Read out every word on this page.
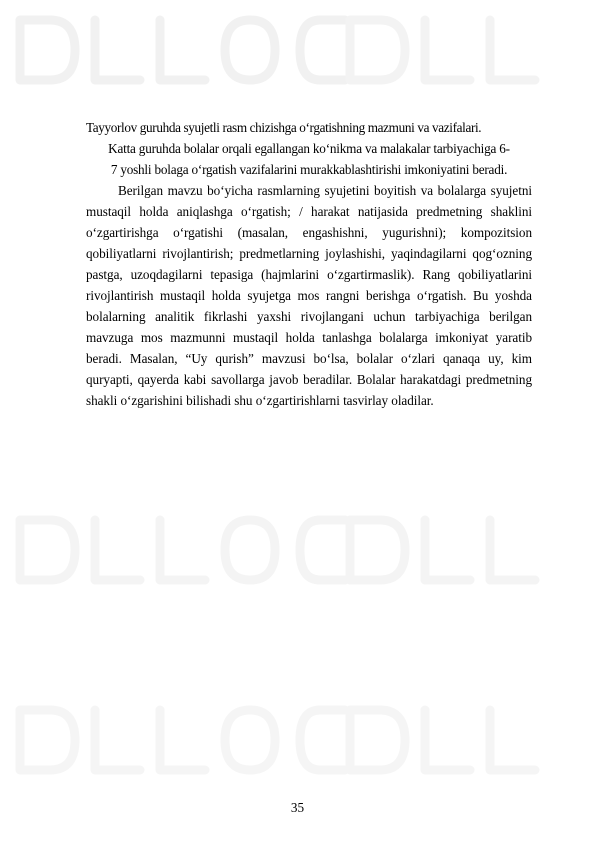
Tayyorlov guruhda syujetli rasm chizishga o‘rgatishning mazmuni va vazifalari.
Katta guruhda bolalar orqali egallangan ko‘nikma va malakalar tarbiyachiga 6-
7 yoshli bolaga o‘rgatish vazifalarini murakkablashtirishi imkoniyatini beradi.

Berilgan mavzu bo‘yicha rasmlarning syujetini boyitish va bolalarga syujetni mustaqil holda aniqlashga o‘rgatish; / harakat natijasida predmetning shaklini o‘zgartirishga o‘rgatishi (masalan, engashishni, yugurishni); kompozitsion qobiliyatlarni rivojlantirish; predmetlarning joylashishi, yaqindagilarni qog‘ozning pastga, uzoqdagilarni tepasiga (hajmlarini o‘zgartirmaslik). Rang qobiliyatlarini rivojlantirish mustaqil holda syujetga mos rangni berishga o‘rgatish. Bu yoshda bolalarning analitik fikrlashi yaxshi rivojlangani uchun tarbiyachiga berilgan mavzuga mos mazmunni mustaqil holda tanlashga bolalarga imkoniyat yaratib beradi. Masalan, “Uy qurish” mavzusi bo‘lsa, bolalar o‘zlari qanaqa uy, kim quryapti, qayerda kabi savollarga javob beradilar. Bolalar harakatdagi predmetning shakli o‘zgarishini bilishadi shu o‘zgartirishlarni tasvirlay oladilar.

35
